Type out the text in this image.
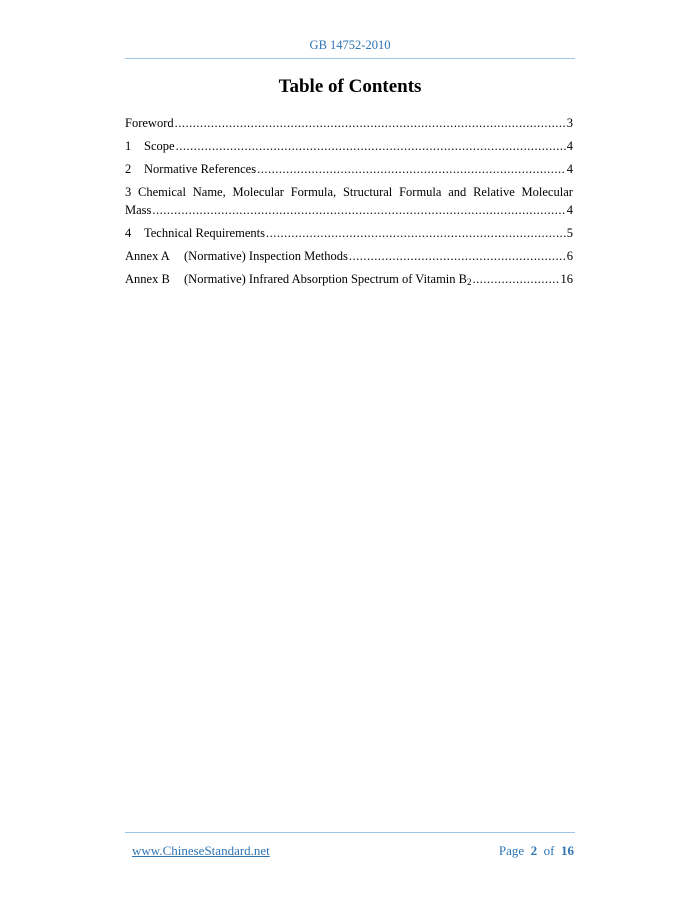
GB 14752-2010
Table of Contents
Foreword .....	3
1	Scope .....	4
2	Normative References .....	4
3 Chemical Name, Molecular Formula, Structural Formula and Relative Molecular
Mass .....	4
4	Technical Requirements .....	5
Annex A	(Normative) Inspection Methods .....	6
Annex B	(Normative) Infrared Absorption Spectrum of Vitamin $B_2$ .....	16
www.ChineseStandard.net	Page 2 of 16
